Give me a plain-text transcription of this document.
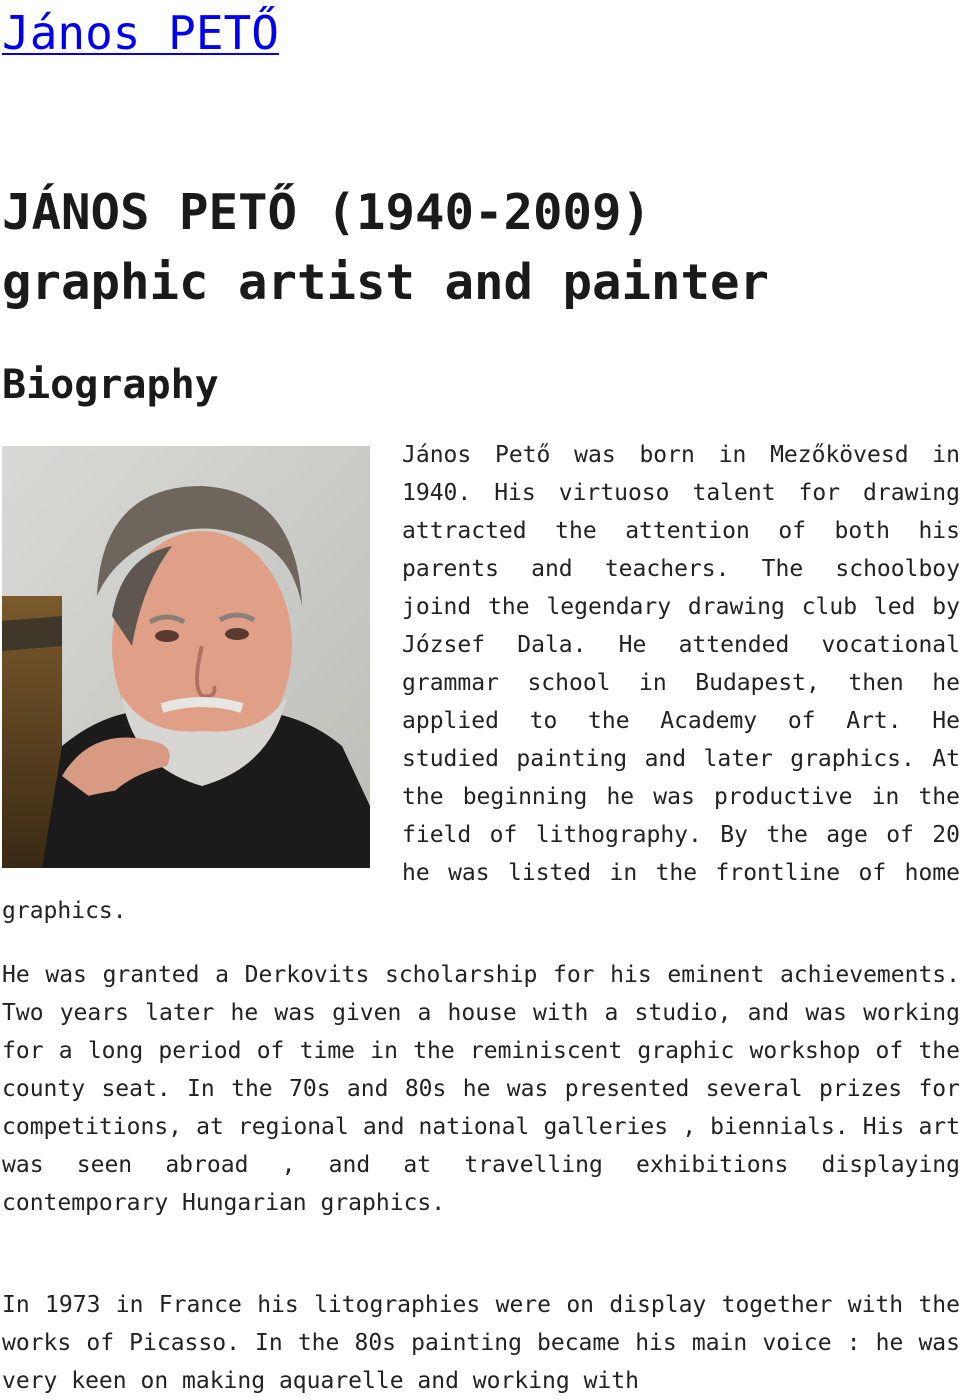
János PETŐ
JÁNOS PETŐ (1940-2009)
graphic artist and painter
Biography
János Pető was born in Mezőkövesd in 1940. His virtuoso talent for drawing attracted the attention of both his parents and teachers. The schoolboy joind the legendary drawing club led by József Dala. He attended vocational grammar school in Budapest, then he applied to the Academy of Art. He studied painting and later graphics. At the beginning he was productive in the field of lithography. By the age of 20 he was listed in the frontline of home graphics.

He was granted a Derkovits scholarship for his eminent achievements. Two years later he was given a house with a studio, and was working for a long period of time in the reminiscent graphic workshop of the county seat. In the 70s and 80s he was presented several prizes for competitions, at regional and national galleries , biennials. His art was seen abroad , and at travelling exhibitions displaying contemporary Hungarian graphics.

In 1973 in France his litographies were on display together with the works of Picasso. In the 80s painting became his main voice : he was very keen on making aquarelle and working with
